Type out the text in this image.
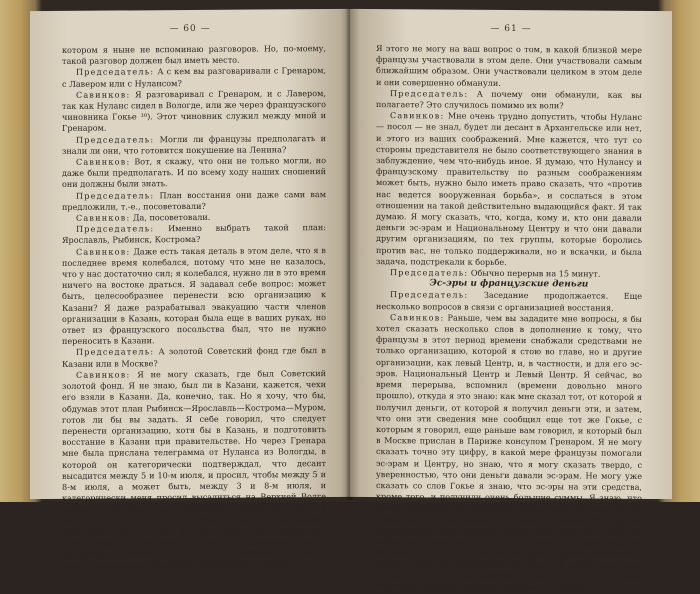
— 60 —

котором я ныне не вспоминаю разговоров. Но, по-моему, такой разговор должен был иметь место.

Председатель: А с кем вы разговаривали с Гренаром, с Лавером или с Нуланcом?

Савинков: Я разговаривал с Гренаром, и с Лавером, так как Нуланс сидел в Вологде, или же через французского чиновника Гокье ¹⁰). Этот чиновник служил между мной и Гренаром.

Председатель: Могли ли французы предполагать и знали ли они, что готовится покушение на Ленина?

Савинков: Вот, я скажу, что они не только могли, но даже были предполагать. И по всему ходу наших сношений они должны были знать.

Председатель: План восстания они даже сами вам предложили, т.-е., посоветовали?

Савинков: Да, посоветовали.

Председатель: Именно выбрать такой план: Ярославль, Рыбинск, Кострома?

Савинков: Даже есть такая деталь в этом деле, что я в последнее время колебался, потому что мне не казалось, что у нас достаточно сил; я колебался, нужно ли в это время ничего на востоке драться. Я задавал себе вопрос: может быть, целесообразнее перенести всю организацию к Казани? Я даже разрабатывал эвакуацию части членов организации в Казань, которая была еще в ваших руках, но ответ из французского посольства был, что не нужно переносить в Казани.

Председатель: А золотой Советский фонд где был в Казани или в Москве?

Савинков: Я не могу сказать, где был Советский золотой фонд. Я не знаю, был ли в Казани, кажется, чехи его взяли в Казани. Да, конечно, так. Но я хочу, что бы, обдумав этот план Рыбинск—Ярославль—Кострома—Муром, готов ли бы вы задать. Я себе говорил, что следует перенести организацию, хотя бы в Казань, и подготовить восстание в Казани при правительстве. Но через Гренара мне была прислана телеграмма от Нуланса из Вологды, в которой он категорически подтверждал, что десант высадится между 5 и 10-м июля, и просил, чтобы между 5 и 8-м июля, а может быть, между 3 и 8-м июля, и категорически меня просил высадиться на Верхней Волге именно в эти дни, а не в какие-либо другие, ибо иначе я могу пропустить, что произойдет. Было тогда может случиться так, что это я ...на Волге. Вот почему эту телеграмму было послано, что было 6-то числа выступить в Ярославле, а кроме того, в 6-то в Ярославле. Но часть членов организации была уже эвакуирована в Казань.

— 61 —

Я этого не могу на ваш вопрос о том, в какой близкой мере французы участвовали в этом деле. Они участвовали самым ближайшим образом. Они участвовали целиком в этом деле и они совершенно обманули.

Председатель: А почему они обманули, как вы полагаете? Это случилось помимо их воли?

Савинков: Мне очень трудно допустить, чтобы Нуланс — посол — не знал, будет ли десант в Архангельске или нет, и этого из ваших соображений. Мне кажется, что тут со стороны представителя не было соответствующего знания в заблуждение, чем что-нибудь иное. Я думаю, что Нулансу и французскому правительству по разным соображениям может быть, нужно было иметь право сказать, что «против нас ведется вооруженная борьба», и сослаться в этом отношении на такой действительно выдающийся факт. Я так думаю. Я могу сказать, что, когда, кому и, кто они давали деньги эс-эрам и Национальному Центру и что они давали другим организациям, по тех группы, которые боролись против вас, не только поддерживали, но и вскачки, и была задача, подстрекали к борьбе.

Председатель: Обычно перерыв на 15 минут.

Эс-эры и французские деньги

Председатель: Заседание продолжается. Еще несколько вопросов в связи с организацией восстания.

Савинков: Раньше, чем вы зададите мне вопросы, я бы хотел сказать несколько слов в дополнение к тому, что французы в этот период времени снабжали средствами не только организацию, которой я стою во главе, но и другие организации, как левый Центр, и, в частности, и для его эс-эров. Национальный Центр и Левый Центр. Я сейчас, во время перерыва, вспомнил (времени довольно много прошло), откуда я это знаю: как мне сказал тот, от которой я получил деньги, от которой я получил деньги эти, и затем, что они эти сведения мне сообщил еще тот же Гокье, с которым я говорил, еще раньше вам говорил, и который был в Москве прислан в Париже консулом Гренаром. Я не могу сказать точно эту цифру, в какой мере французы помогали эс-эрам и Центру, но знаю, что я могу сказать твердо, с уверенностью, что они деньги давали эс-эрам. Не могу уже сказать со слов Гокье я знаю, что эс-эры на эти средства, кроме того, и получили очень большие суммы. Я знаю, что эс-эры заявляли, что французы, кроме того, просили, чтобы французы не связывались с ними и какой-либо другой организацией или просили, чтобы эс-эры для нее о том, что могли бы в переговорах в Гокье. Не знаю, что французы, что сказали, что его и говорили лицо, руководствовались, которые говорили французам, что они не в связи с вопросом о том, что французы снабжали эс-эров. Это, что, я хотел прибавить к моему предшествующему показанию.
